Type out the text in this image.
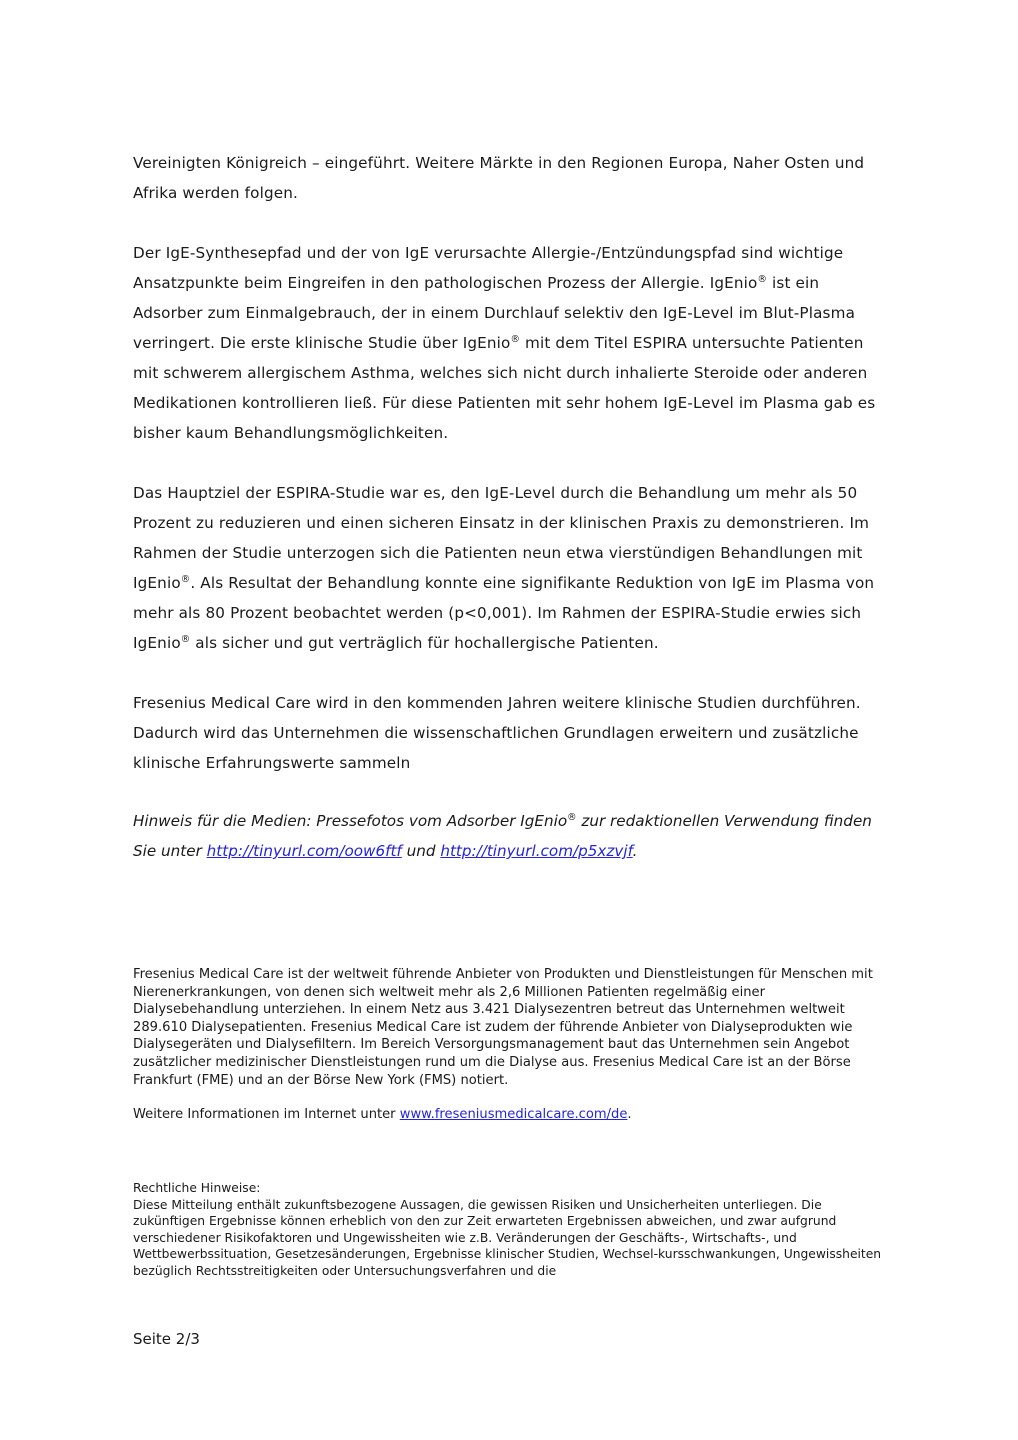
Vereinigten Königreich – eingeführt. Weitere Märkte in den Regionen Europa, Naher Osten und Afrika werden folgen.

Der IgE-Synthesepfad und der von IgE verursachte Allergie-/Entzündungspfad sind wichtige Ansatzpunkte beim Eingreifen in den pathologischen Prozess der Allergie. IgEnio® ist ein Adsorber zum Einmalgebrauch, der in einem Durchlauf selektiv den IgE-Level im Blut-Plasma verringert. Die erste klinische Studie über IgEnio® mit dem Titel ESPIRA untersuchte Patienten mit schwerem allergischem Asthma, welches sich nicht durch inhalierte Steroide oder anderen Medikationen kontrollieren ließ. Für diese Patienten mit sehr hohem IgE-Level im Plasma gab es bisher kaum Behandlungsmöglichkeiten.

Das Hauptziel der ESPIRA-Studie war es, den IgE-Level durch die Behandlung um mehr als 50 Prozent zu reduzieren und einen sicheren Einsatz in der klinischen Praxis zu demonstrieren. Im Rahmen der Studie unterzogen sich die Patienten neun etwa vierstündigen Behandlungen mit IgEnio®. Als Resultat der Behandlung konnte eine signifikante Reduktion von IgE im Plasma von mehr als 80 Prozent beobachtet werden (p<0,001). Im Rahmen der ESPIRA-Studie erwies sich IgEnio® als sicher und gut verträglich für hochallergische Patienten.

Fresenius Medical Care wird in den kommenden Jahren weitere klinische Studien durchführen. Dadurch wird das Unternehmen die wissenschaftlichen Grundlagen erweitern und zusätzliche klinische Erfahrungswerte sammeln

Hinweis für die Medien: Pressefotos vom Adsorber IgEnio® zur redaktionellen Verwendung finden Sie unter http://tinyurl.com/oow6ftf und http://tinyurl.com/p5xzvjf.

Fresenius Medical Care ist der weltweit führende Anbieter von Produkten und Dienstleistungen für Menschen mit Nierenerkrankungen, von denen sich weltweit mehr als 2,6 Millionen Patienten regelmäßig einer Dialysebehandlung unterziehen. In einem Netz aus 3.421 Dialysezentren betreut das Unternehmen weltweit 289.610 Dialysepatienten. Fresenius Medical Care ist zudem der führende Anbieter von Dialyseprodukten wie Dialysegeräten und Dialysefiltern. Im Bereich Versorgungsmanagement baut das Unternehmen sein Angebot zusätzlicher medizinischer Dienstleistungen rund um die Dialyse aus. Fresenius Medical Care ist an der Börse Frankfurt (FME) und an der Börse New York (FMS) notiert.

Weitere Informationen im Internet unter www.freseniusmedicalcare.com/de.

Rechtliche Hinweise:

Diese Mitteilung enthält zukunftsbezogene Aussagen, die gewissen Risiken und Unsicherheiten unterliegen. Die zukünftigen Ergebnisse können erheblich von den zur Zeit erwarteten Ergebnissen abweichen, und zwar aufgrund verschiedener Risikofaktoren und Ungewissheiten wie z.B. Veränderungen der Geschäfts-, Wirtschafts-, und Wettbewerbssituation, Gesetzesänderungen, Ergebnisse klinischer Studien, Wechsel-kursschwankungen, Ungewissheiten bezüglich Rechtsstreitigkeiten oder Untersuchungsverfahren und die

Seite 2/3
